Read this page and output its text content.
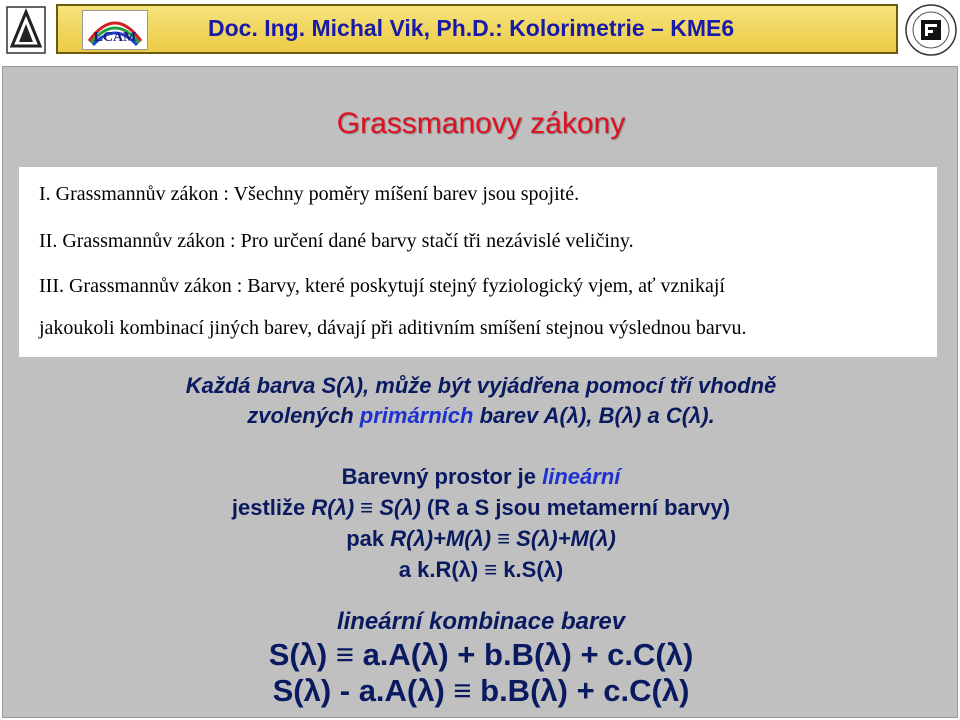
LCAM	Doc. Ing. Michal Vik, Ph.D.: Kolorimetrie – KME6
Grassmanovy zákony
I. Grassmannův zákon : Všechny poměry míšení barev jsou spojité.
II. Grassmannův zákon : Pro určení dané barvy stačí tři nezávislé veličiny.
III. Grassmannův zákon : Barvy, které poskytují stejný fyziologický vjem, ať vznikají
jakoukoli kombinací jiných barev, dávají při aditivním smíšení stejnou výslednou barvu.
Každá barva S(λ), může být vyjádřena pomocí tří vhodně
zvolených primárních barev A(λ), B(λ) a C(λ).
Barevný prostor je lineární
jestliže R(λ) ≡ S(λ) (R a S jsou metamerní barvy)
pak R(λ)+M(λ) ≡ S(λ)+M(λ)
a k.R(λ) ≡ k.S(λ)
lineární kombinace barev
S(λ) ≡ a.A(λ) + b.B(λ) + c.C(λ)
S(λ) - a.A(λ) ≡ b.B(λ) + c.C(λ)
